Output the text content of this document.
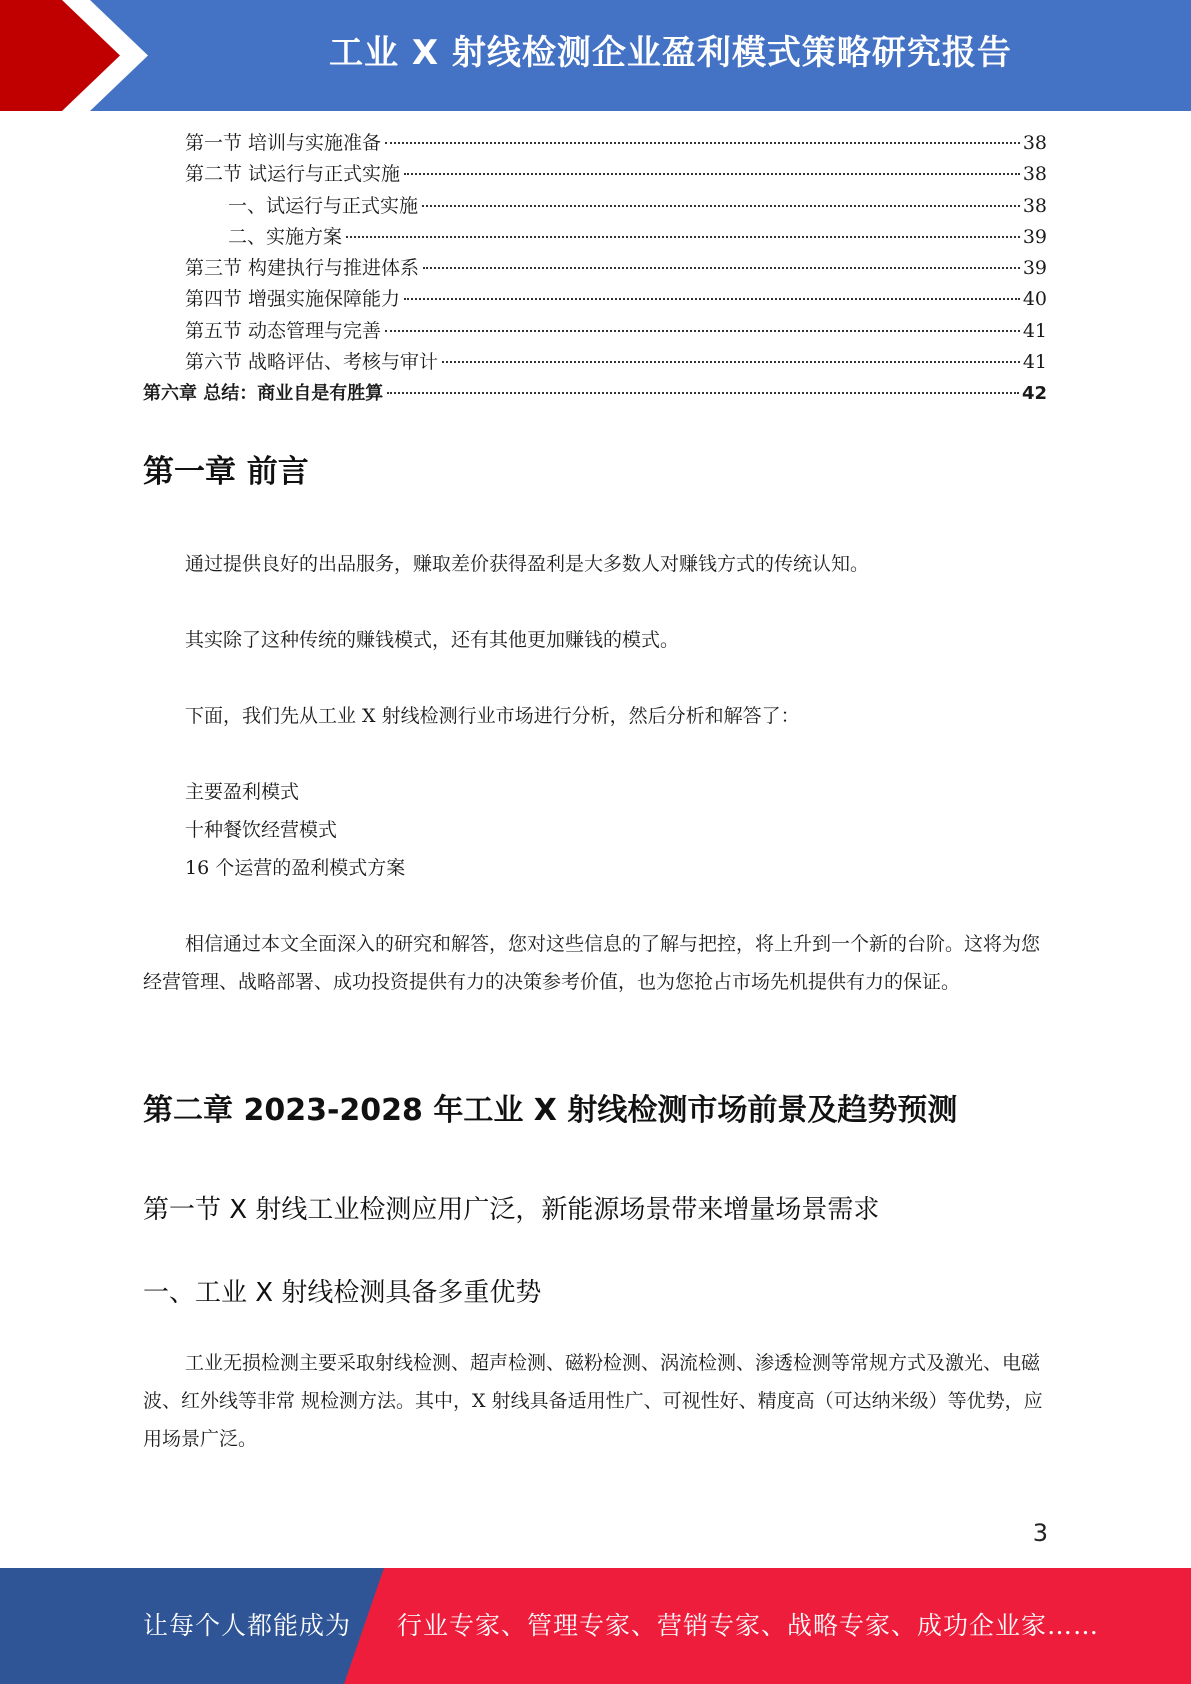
工业 X 射线检测企业盈利模式策略研究报告
第一节 培训与实施准备	38
第二节 试运行与正式实施	38
一、试运行与正式实施	38
二、实施方案	39
第三节 构建执行与推进体系	39
第四节 增强实施保障能力	40
第五节 动态管理与完善	41
第六节 战略评估、考核与审计	41
第六章 总结：商业自是有胜算	42
第一章 前言

通过提供良好的出品服务，赚取差价获得盈利是大多数人对赚钱方式的传统认知。

其实除了这种传统的赚钱模式，还有其他更加赚钱的模式。

下面，我们先从工业 X 射线检测行业市场进行分析，然后分析和解答了：

主要盈利模式

十种餐饮经营模式

16 个运营的盈利模式方案

相信通过本文全面深入的研究和解答，您对这些信息的了解与把控，将上升到一个新的台阶。这将为您经营管理、战略部署、成功投资提供有力的决策参考价值，也为您抢占市场先机提供有力的保证。

第二章 2023-2028 年工业 X 射线检测市场前景及趋势预测
第一节 X 射线工业检测应用广泛，新能源场景带来增量场景需求
一、工业 X 射线检测具备多重优势

工业无损检测主要采取射线检测、超声检测、磁粉检测、涡流检测、渗透检测等常规方式及激光、电磁波、红外线等非常 规检测方法。其中，X 射线具备适用性广、可视性好、精度高（可达纳米级）等优势，应用场景广泛。

3
让每个人都能成为 行业专家、管理专家、营销专家、战略专家、成功企业家……
